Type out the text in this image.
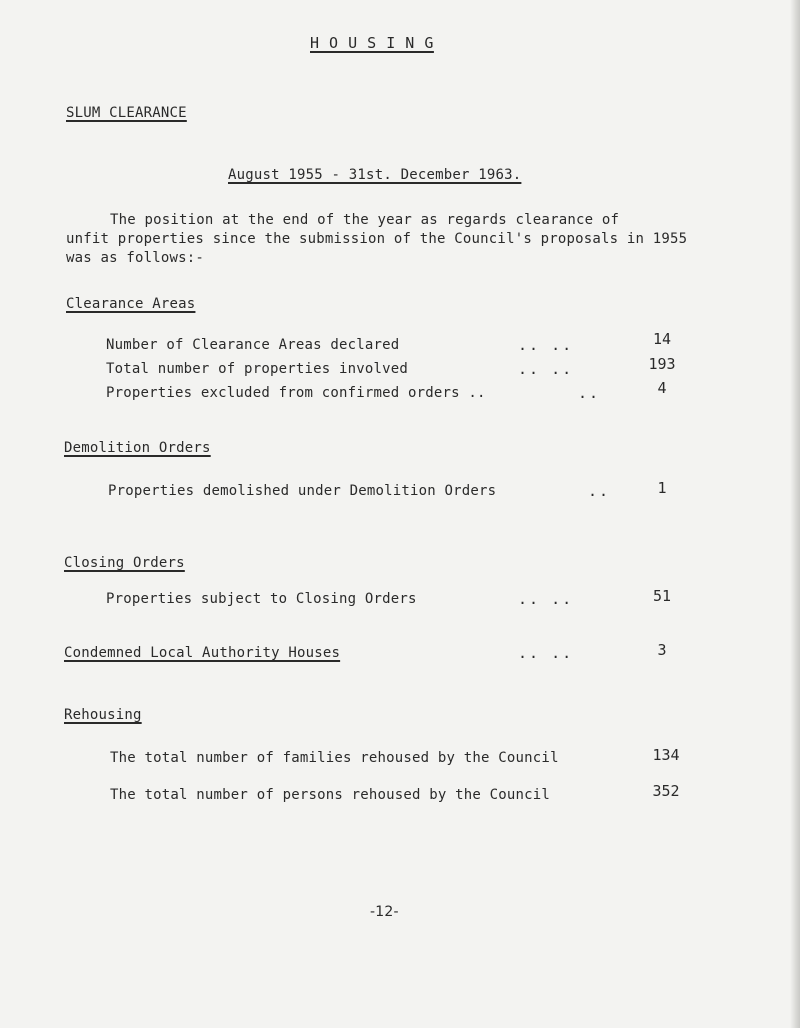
H O U S I N G
SLUM CLEARANCE
August 1955 - 31st. December 1963.
The position at the end of the year as regards clearance of
unfit properties since the submission of the Council's proposals in 1955
was as follows:-
Clearance Areas
Number of Clearance Areas declared	.. ..	14
Total number of properties involved	.. ..	193
Properties excluded from confirmed orders ..	..	4
Demolition Orders
Properties demolished under Demolition Orders	..	1
Closing Orders
Properties subject to Closing Orders	.. ..	51
Condemned Local Authority Houses	.. ..	3
Rehousing
The total number of families rehoused by the Council	134
The total number of persons rehoused by the Council	352
-12-
